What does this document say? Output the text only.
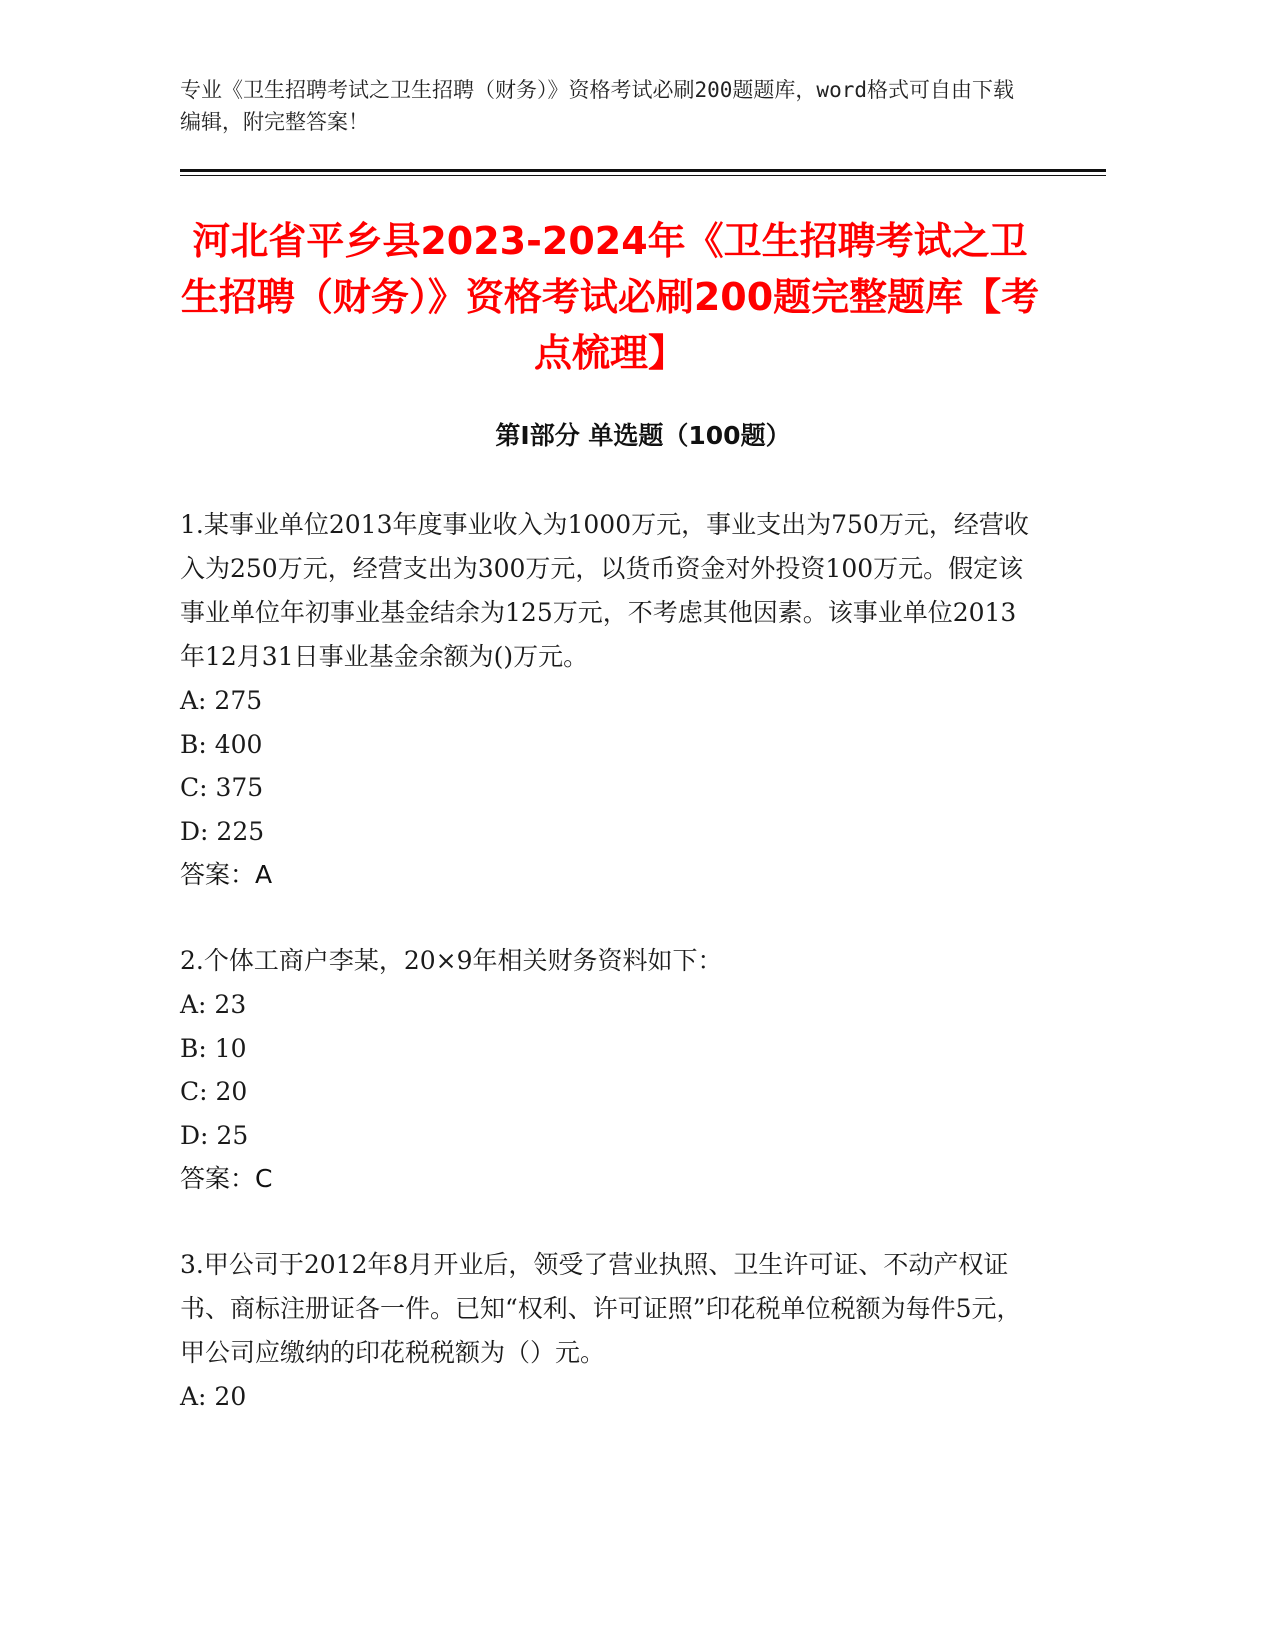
专业《卫生招聘考试之卫生招聘（财务）》资格考试必刷200题题库，word格式可自由下载编辑，附完整答案！
河北省平乡县2023-2024年《卫生招聘考试之卫生招聘（财务）》资格考试必刷200题完整题库【考点梳理】
第Ⅰ部分 单选题（100题）

1.某事业单位2013年度事业收入为1000万元，事业支出为750万元，经营收入为250万元，经营支出为300万元，以货币资金对外投资100万元。假定该事业单位年初事业基金结余为125万元，不考虑其他因素。该事业单位2013年12月31日事业基金余额为()万元。

A: 275

B: 400

C: 375

D: 225

答案：A

2.个体工商户李某，20×9年相关财务资料如下：

A: 23

B: 10

C: 20

D: 25

答案：C

3.甲公司于2012年8月开业后，领受了营业执照、卫生许可证、不动产权证书、商标注册证各一件。已知“权利、许可证照”印花税单位税额为每件5元，甲公司应缴纳的印花税税额为（）元。

A: 20
